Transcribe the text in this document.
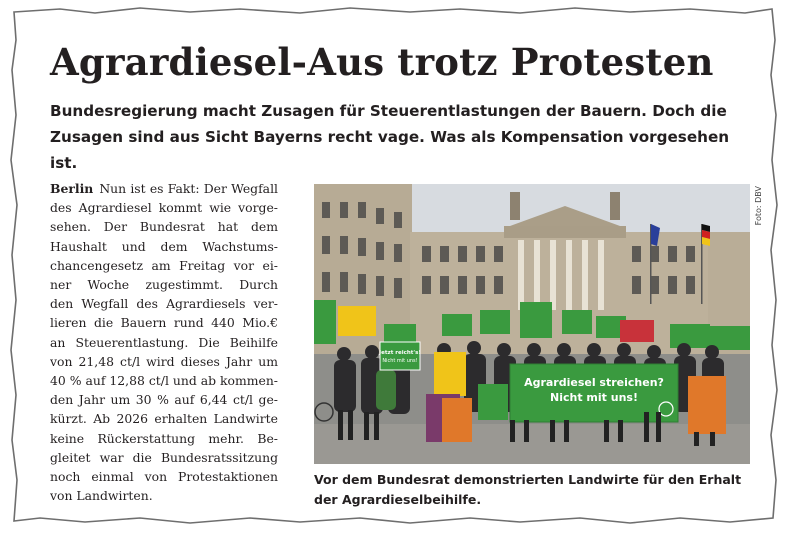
Agrardiesel-Aus trotz Protesten
Bundesregierung macht Zusagen für Steuerentlastungen der Bauern. Doch die Zusagen sind aus Sicht Bayerns recht vage. Was als Kompensation vorgesehen ist.
Berlin Nun ist es Fakt: Der Wegfall
des Agrardiesel kommt wie vorge-
sehen. Der Bundesrat hat dem
Haushalt und dem Wachstums-
chancengesetz am Freitag vor ei-
ner Woche zugestimmt. Durch
den Wegfall des Agrardiesels ver-
lieren die Bauern rund 440 Mio.€
an Steuerentlastung. Die Beihilfe
von 21,48 ct/l wird dieses Jahr um
40 % auf 12,88 ct/l und ab kommen-
den Jahr um 30 % auf 6,44 ct/l ge-
kürzt. Ab 2026 erhalten Landwirte
keine Rückerstattung mehr. Be-
gleitet war die Bundesratssitzung
noch einmal von Protestaktionen
von Landwirten.
Jetzt reicht's!
Nicht mit uns!
Agrardiesel streichen?
Nicht mit uns!
Foto: DBV
Vor dem Bundesrat demonstrierten Landwirte für den Erhalt der Agrardieselbeihilfe.
